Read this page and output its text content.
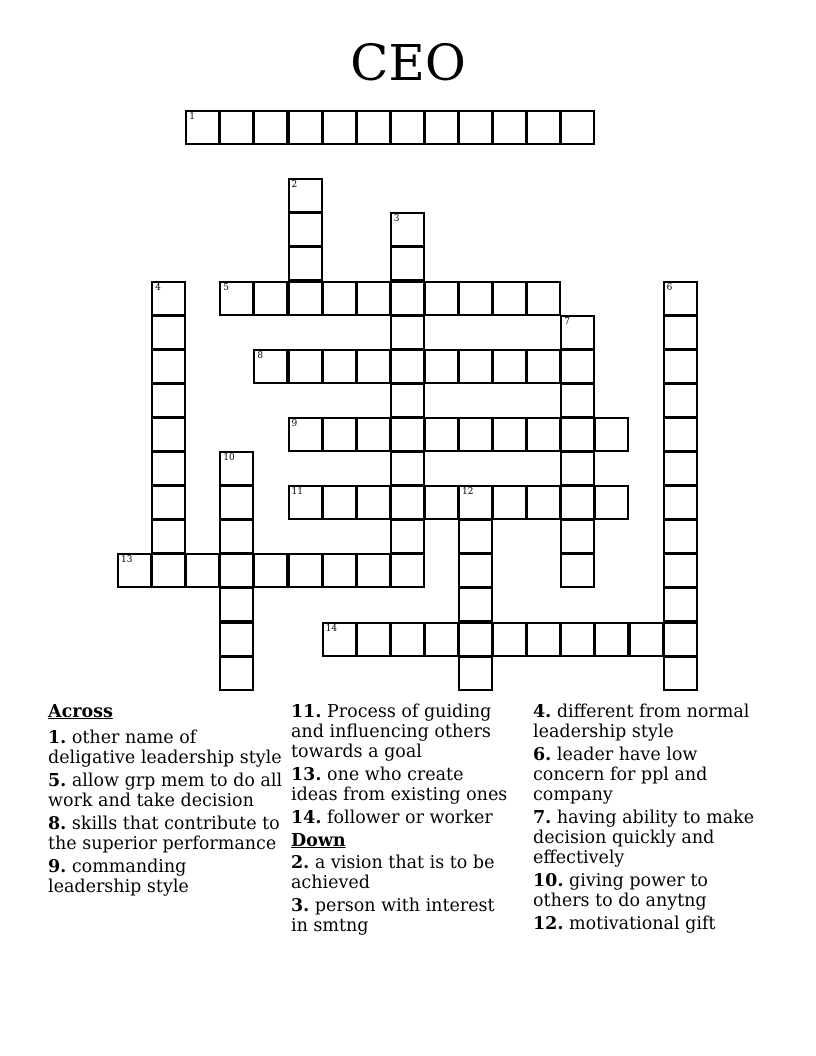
CEO
1
2
3
4	5	6
7
8
9
10
11	12
13
14
Across
1. other name of deligative leadership style
5. allow grp mem to do all work and take decision
8. skills that contribute to the superior performance
9. commanding leadership style
11. Process of guiding and influencing others towards a goal
13. one who create ideas from existing ones
14. follower or worker
Down
2. a vision that is to be achieved
3. person with interest in smtng
4. different from normal leadership style
6. leader have low concern for ppl and company
7. having ability to make decision quickly and effectively
10. giving power to others to do anytng
12. motivational gift
